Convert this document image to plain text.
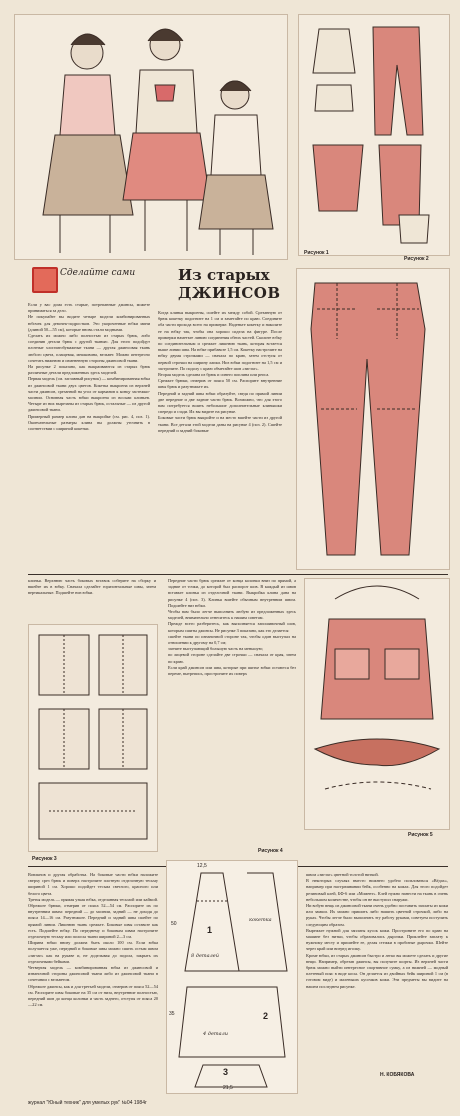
Рисунок 1
Рисунок 2
Сделайте сами	Из старых
ДЖИНСОВ
Если у вас дома есть старые, потрепанные джинсы, можете приниматься за дело.
Не покупайте вы видите четыре модели комбинированных юбочек для девочек-подростков. Это укороченные юбки мини (длиной 50—55 см), которые вновь стали модными.
Сделать их можно либо полностью из старых брюк, либо соединив детали брюк с другой тканью. Для этого подойдут плотные хлопчатобумажные ткани — другая джинсовая ткань любого цвета, плащевая, мешковина, вельвет. Можно интересно сочетать нижнюю и измененную стороны джинсовой ткани.
На рисунке 2 показано, как выкраиваются из старых брюк различные детали предложенных здесь моделей.
Первая модель (см. заглавный рисунок) — комбинированная юбка из джинсовой ткани двух цветов. Кокетка выкроена из верхней части джинсов, срезанной на угол от карманов к концу застежки-молнии. Основная часть юбки выкроена из восьми клиньев. Четыре из них вырезаны из старых брюк, остальные — из другой джинсовой ткани.
Примерный размер клина дан на выкройке (см. рис. 4, поз. 1). Окончательные размеры клина вы должны уточнить в соответствии с шириной кокетки.
Когда клинья выкроены, сшейте их между собой. Срезанную от брюк кокетку подогните на 1 см и заметайте по краю. Соедините оба части прохода всего на примерке. Наденьте кокетку и наколите ее на юбку так, чтобы она хорошо сидела на фигуре. После примерки наметьте линию соединения обеих частей. Сколите юбку по соединительным и срежьте лишнюю ткань, которая встается выше линии шва. На юбке прибавьте 1,5 см. Кокетку настрочите на юбку двумя строчками — сначала по краю, затем отступя от первой строчки на ширину лапки. Низ юбки подогните на 1,5 см и застрочите. По подолу с краю обметайте шов «зигзаг».
Вторая модель сделана из брюк и синего поплина или репса.
Срежьте брюки, отмерив от пояса 50 см. Распорите внутренние швы брюк и разутюжьте их.
Передний и задний швы юбки образуйте, сведя по прямой линии две передние и две задние части брюк. Возможно, что для этого вам потребуется вшить небольшие дополнительные клинышки спереди и сзади. Их вы видите на рисунке.
Боковые части брюк выкройте и на место вшейте части из другой ткани. Все детали этой модели даны на рисунке 4 (поз. 2). Сшейте передний и задний боковые
клинья. Верхнюю часть боковых вставок соберите на сборку и вшейте их в юбку. Сначала сделайте горизонтальные швы, затем вертикальные. Подшейте низ юбки.
Рисунок 3
Передние части брюк срежьте от конца колонки вниз по прямой, а задние от точки, до которой был распорот шов. В каждый из швов вставьте клинья из отделочной ткани. Выкройка клина дана на рисунке 4 (поз. 3). Клинья вшейте обычным внутренним швом. Подшейте низ юбки.
Чтобы вам было легче выполнить любую из предложенных здесь моделей, внимательно отнеситесь к нашим советам.
Прежде всего разберитесь, как выполняется запошивочный шов, которым сшиты джинсы. Не рисунке 3 показано, как это делается:
сшейте ткани по изнаночной стороне так, чтобы один выступал на отношении к другому на 0,7 см;
загните выступающий большую часть на меньшую;
по лицевой стороне сделайте две строчки — сначала от края, затем по краю.
Если край джинсов или шва, которые при шитье юбки остаются без переме, вытрепись, простроните их поверх
Рисунок 4
Рисунок 5
Вовлкнов и другая обработка. На боковые части юбки наложите сверху срез брюк и поверх настрочите плотную отделочную тесьму шириной 1 см. Хорошо подойдет тесьма светлого, красного или белого цвета.
Третья модель — прямая узкая юбка, отделанная тесьмой или каймой. Обрежьте брюки, отмерив от пояса 52—54 см. Распорите их по внутренним швам: передний — до молнии, задний — не доходя до пояса 14—16 см. Разутюжьте. Передний и задний швы сшейте по прямой линии. Лишнюю ткань срежьте. Боковые швы оставьте как есть. Подшейте юбку. По переднему и боковым швам настрочите отделочную тесьму или полосы ткани шириной 2—3 см.
Ширина юбки внизу должна быть около 100 см. Если юбка получается уже, передний и боковые швы можно сшить остым швом «зигзаг» как на рукаве и, не доделывая до подола, закрыть их отделочными бейками.
Четвертая модель — комбинированная юбка из джинсовой и изнаночной стороны джинсовой ткани либо из джинсовой ткани в сочетании с вельветом.
Обрежьте джинсы, как и для третьей модели, отмерив от пояса 52—54 см. Распорите швы боковые на 35 см от низа, внутренние полностью, передний шов до конца колонки и часть заднего, отступя от пояса 20—22 см.
12,5
кокетка
8 деталей
4 детали
1
2
3
50
35
21,5
швом «зигзаг» цветной толстой ниткой.
В некоторых случаях вместо нижнего удобно пользоваться «Вёдах», например при настрачивании бейк, особенно на кожах. Для этого подойдет резиновый клей, БФ-6 или «Момент». Клей нужно нанести на ткань в очень небольшом количестве, чтобы он не выступил снаружи.
Ни вобую вещь из джинсовой ткани очень удобно поставить заплаты из кожи или замши. Их можно пришить либо нашить цветной строчкой, либо на руках. Чтобы легче было выполнить эту работу руками, советуем поступить следующим образом.
Вырежьте нужной для заплаты кусок кожи. Простроните его по краю на машине без нитки, чтобы образовались дырочки. Приклейте заплату к нужному месту и пришейте ее, делая стежки в пробитые дырочки. Шейте через край или вперед иголку.
Кроме юбки, из старых джинсов быстро и легко вы можете сделать и другие вещи. Например, обрезав джинсы, вы получите шорты. Из верхней части брюк можно выйти интересное спортивное сумку, а из нижней — модный плетеный пояс в виде косы. Он делается из двойных бейк шириной 1 см (в готовом виде) и маленьких кусочков кожи. Эти предметы вы видите на нашем последнем рисунке.
Н. КОБЯКОВА
журнал "Юный техник" для умелых рук" №04 1984г
